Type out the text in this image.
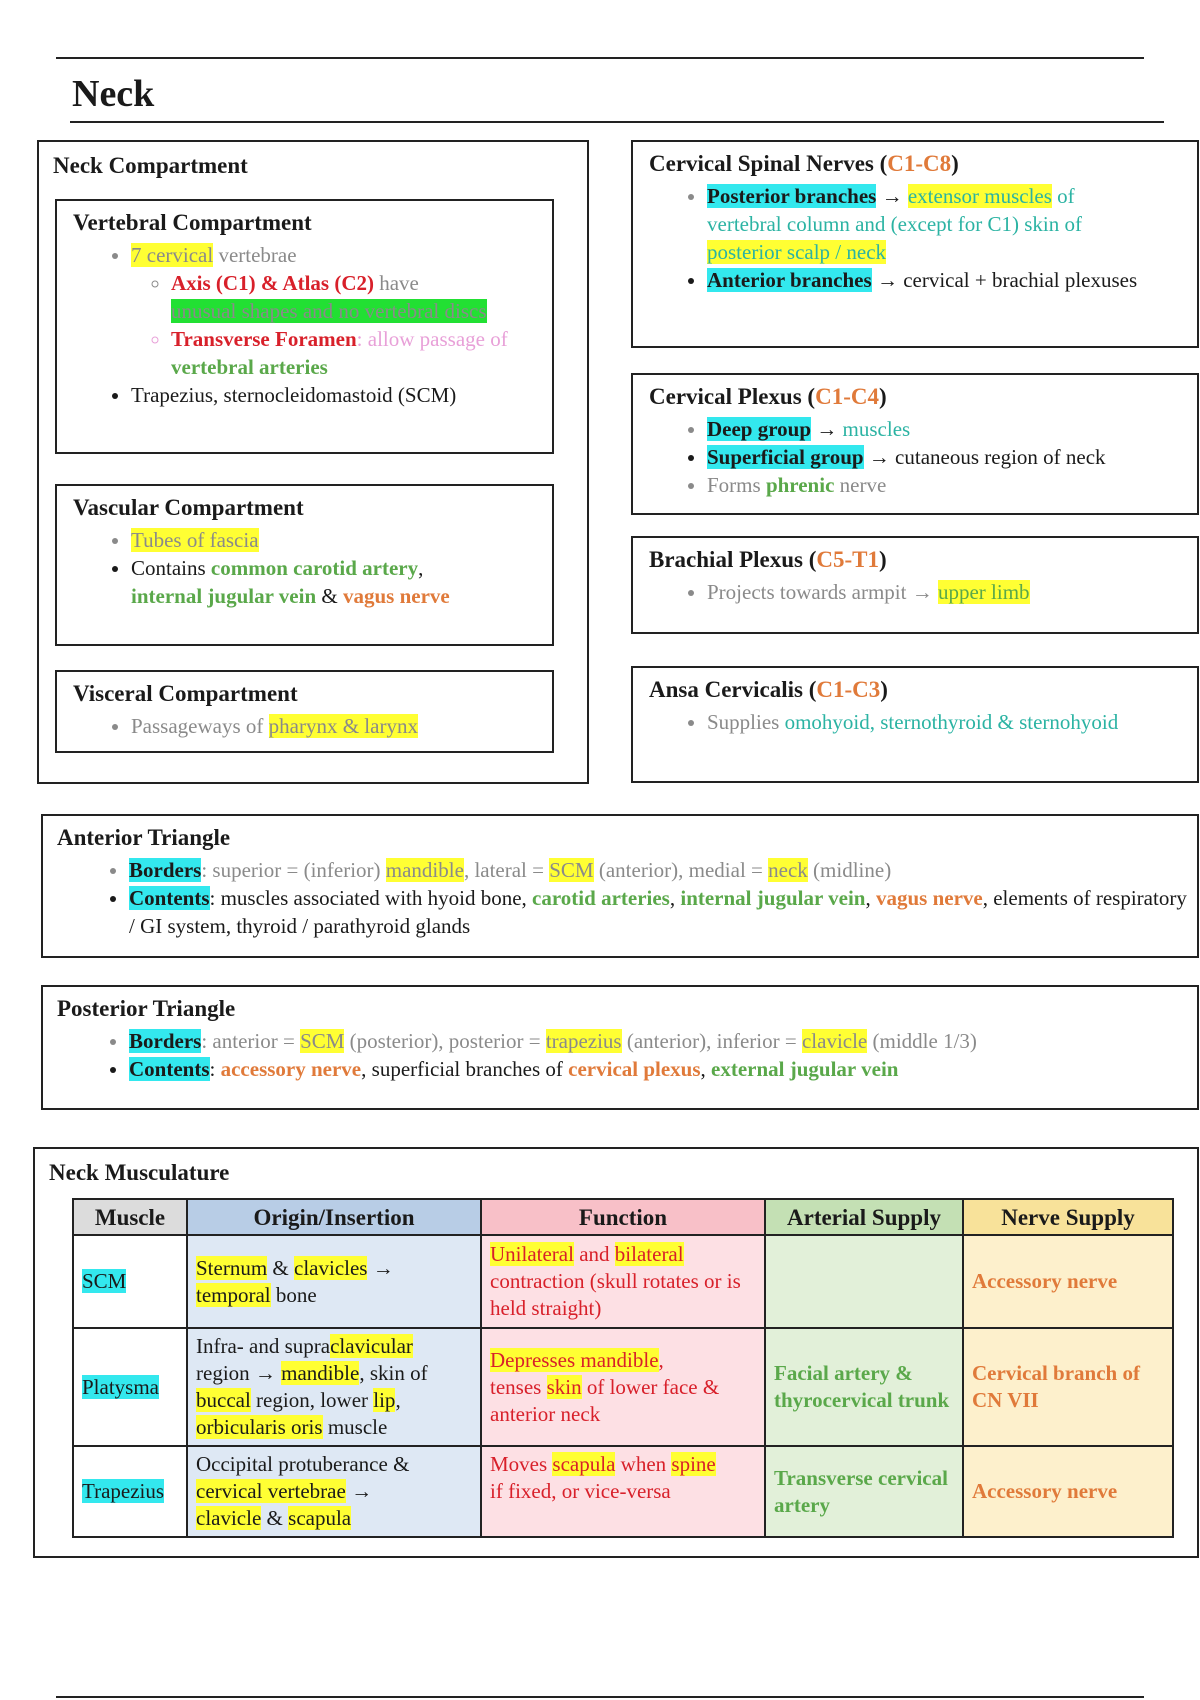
Neck
Neck Compartment
Vertebral Compartment
• 7 cervical vertebrae
◦ Axis (C1) & Atlas (C2) have
unusual shapes and no vertebral discs
◦ Transverse Foramen: allow passage of vertebral arteries
• Trapezius, sternocleidomastoid (SCM)
Vascular Compartment
• Tubes of fascia
• Contains common carotid artery,
internal jugular vein & vagus nerve
Visceral Compartment
• Passageways of pharynx & larynx
Cervical Spinal Nerves (C1-C8)
• Posterior branches → extensor muscles of
vertebral column and (except for C1) skin of
posterior scalp / neck
• Anterior branches → cervical + brachial plexuses
Cervical Plexus (C1-C4)
• Deep group → muscles
• Superficial group → cutaneous region of neck
• Forms phrenic nerve
Brachial Plexus (C5-T1)
• Projects towards armpit → upper limb
Ansa Cervicalis (C1-C3)
• Supplies omohyoid, sternothyroid & sternohyoid
Anterior Triangle
• Borders: superior = (inferior) mandible, lateral = SCM (anterior), medial = neck (midline)
• Contents: muscles associated with hyoid bone, carotid arteries, internal jugular vein, vagus nerve, elements of respiratory / GI system, thyroid / parathyroid glands
Posterior Triangle
• Borders: anterior = SCM (posterior), posterior = trapezius (anterior), inferior = clavicle (middle 1/3)
• Contents: accessory nerve, superficial branches of cervical plexus, external jugular vein
Neck Musculature
Muscle	Origin/Insertion	Function	Arterial Supply	Nerve Supply
SCM	Sternum & clavicles →
temporal bone	Unilateral and bilateral
contraction (skull rotates or is held straight)		Accessory nerve
Platysma	Infra- and supraclavicular
region → mandible, skin of
buccal region, lower lip,
orbicularis oris muscle	Depresses mandible,
tenses skin of lower face & anterior neck	Facial artery & thyrocervical trunk	Cervical branch of CN VII
Trapezius	Occipital protuberance &
cervical vertebrae →
clavicle & scapula	Moves scapula when spine
if fixed, or vice-versa	Transverse cervical artery	Accessory nerve
